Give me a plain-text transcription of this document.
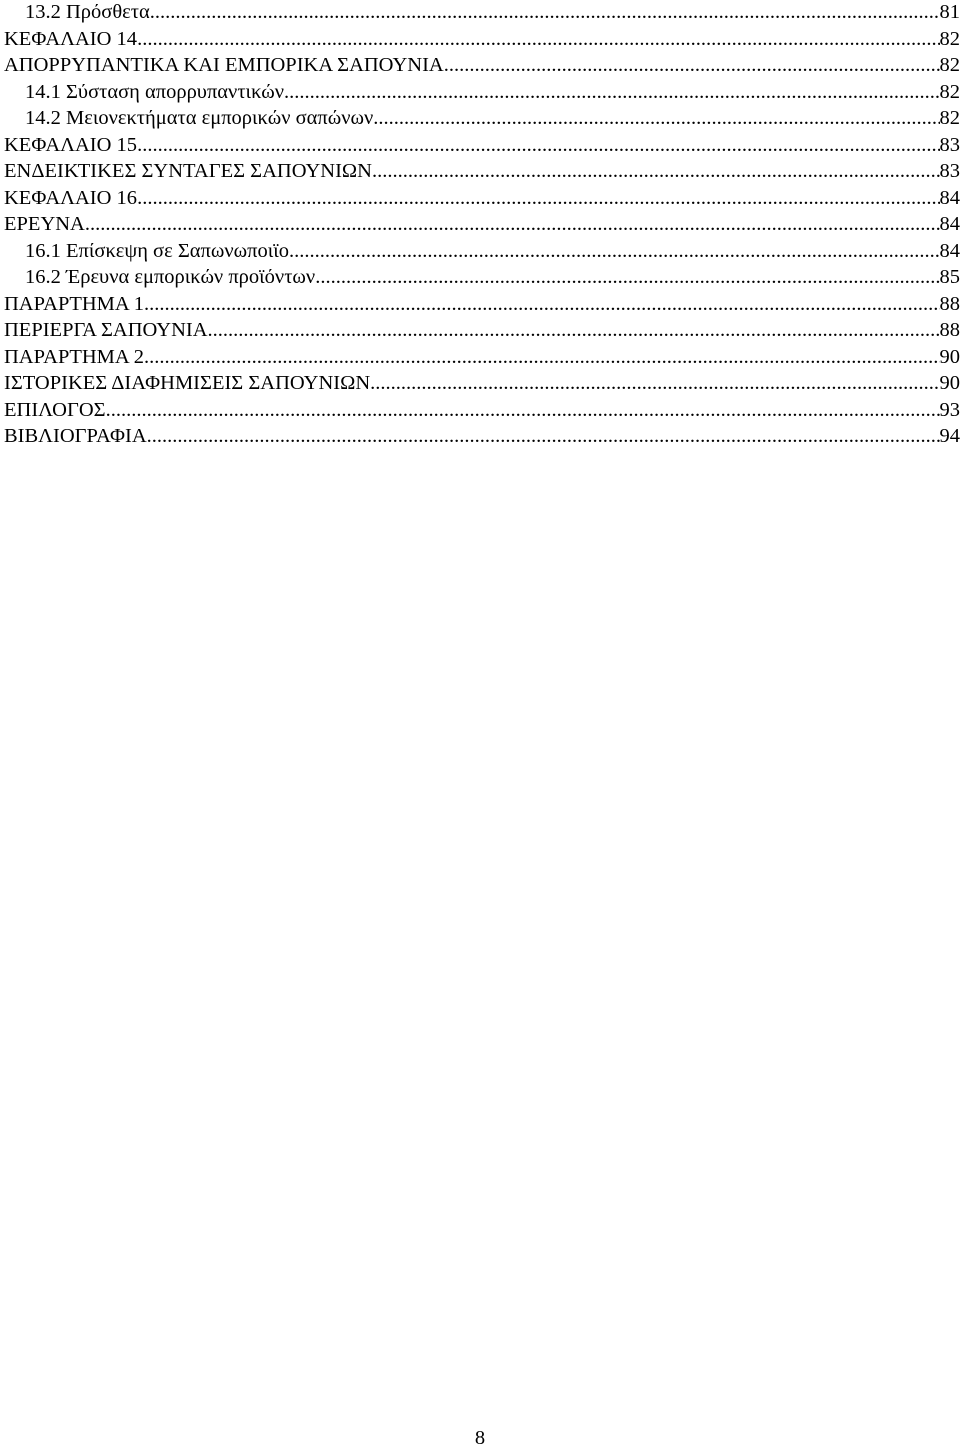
13.2 Πρόσθετα .....	81
ΚΕΦΑΛΑΙΟ 14 .....	82
ΑΠΟΡΡΥΠΑΝΤΙΚΑ ΚΑΙ ΕΜΠΟΡΙΚΑ ΣΑΠΟΥΝΙΑ .....	82
14.1 Σύσταση απορρυπαντικών .....	82
14.2 Μειονεκτήματα εμπορικών σαπώνων .....	82
ΚΕΦΑΛΑΙΟ 15 .....	83
ΕΝΔΕΙΚΤΙΚΕΣ ΣΥΝΤΑΓΕΣ ΣΑΠΟΥΝΙΩΝ .....	83
ΚΕΦΑΛΑΙΟ 16 .....	84
ΕΡΕΥΝΑ .....	84
16.1 Επίσκεψη σε Σαπωνωποιϊο .....	84
16.2 Έρευνα εμπορικών προϊόντων .....	85
ΠΑΡΑΡΤΗΜΑ 1 .....	88
ΠΕΡΙΕΡΓΑ ΣΑΠΟΥΝΙΑ .....	88
ΠΑΡΑΡΤΗΜΑ 2 .....	90
ΙΣΤΟΡΙΚΕΣ ΔΙΑΦΗΜΙΣΕΙΣ ΣΑΠΟΥΝΙΩΝ .....	90
ΕΠΙΛΟΓΟΣ .....	93
ΒΙΒΛΙΟΓΡΑΦΙΑ .....	94
8
